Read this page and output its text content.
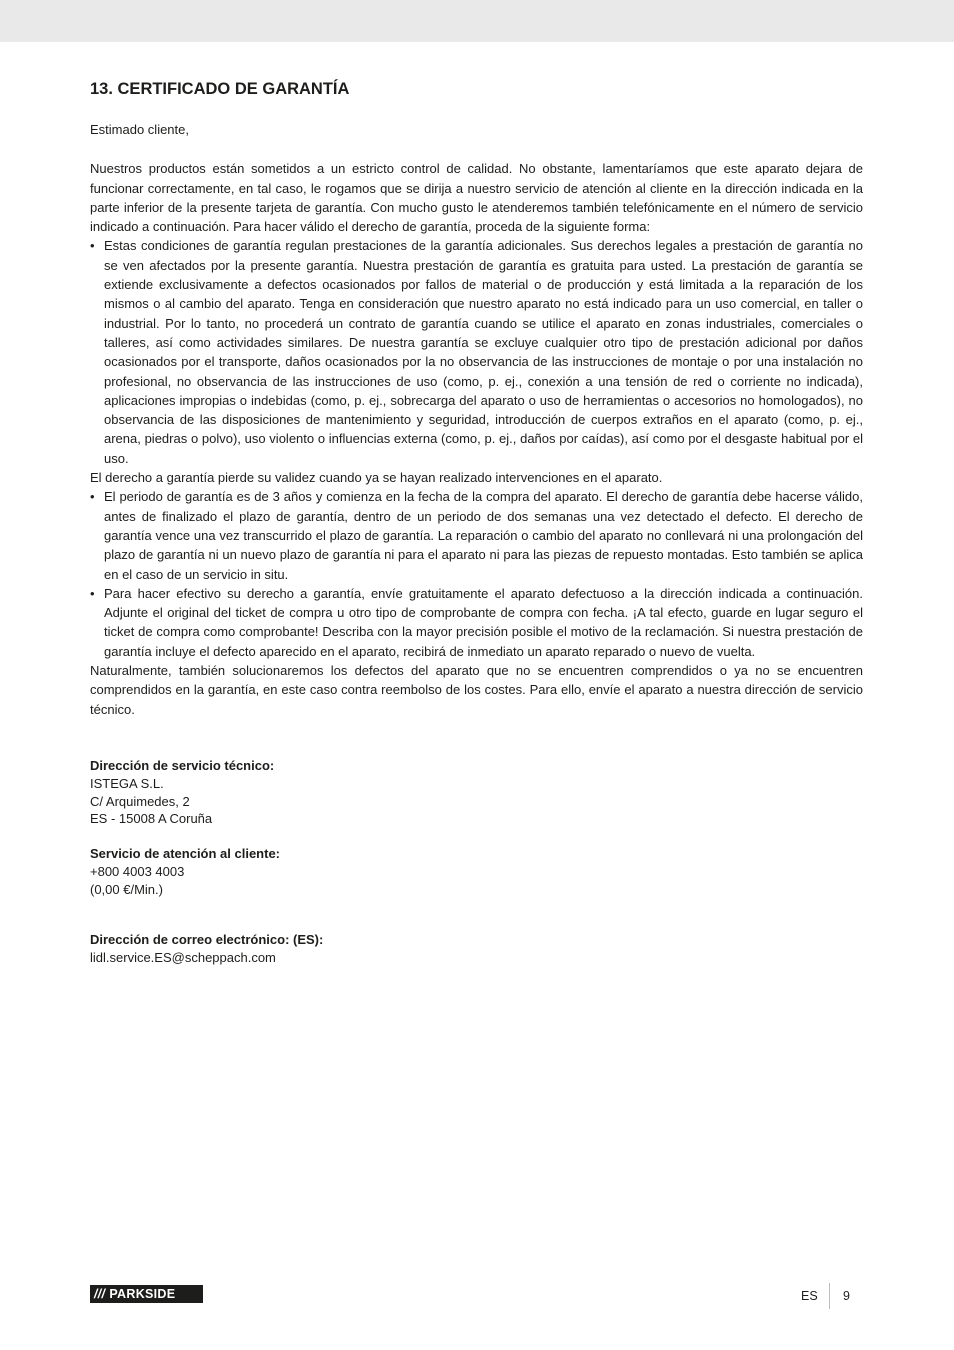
13. CERTIFICADO DE GARANTÍA

Estimado cliente,

Nuestros productos están sometidos a un estricto control de calidad. No obstante, lamentaríamos que este aparato dejara de funcionar correctamente, en tal caso, le rogamos que se dirija a nuestro servicio de atención al cliente en la dirección indicada en la parte inferior de la presente tarjeta de garantía. Con mucho gusto le atenderemos también telefónicamente en el número de servicio indicado a continuación. Para hacer válido el derecho de garantía, proceda de la siguiente forma:

• Estas condiciones de garantía regulan prestaciones de la garantía adicionales. Sus derechos legales a prestación de garantía no se ven afectados por la presente garantía. Nuestra prestación de garantía es gratuita para usted. La prestación de garantía se extiende exclusivamente a defectos ocasionados por fallos de material o de producción y está limitada a la reparación de los mismos o al cambio del aparato. Tenga en consideración que nuestro aparato no está indicado para un uso comercial, en taller o industrial. Por lo tanto, no procederá un contrato de garantía cuando se utilice el aparato en zonas industriales, comerciales o talleres, así como actividades similares. De nuestra garantía se excluye cualquier otro tipo de prestación adicional por daños ocasionados por el transporte, daños ocasionados por la no observancia de las instrucciones de montaje o por una instalación no profesional, no observancia de las instrucciones de uso (como, p. ej., conexión a una tensión de red o corriente no indicada), aplicaciones impropias o indebidas (como, p. ej., sobrecarga del aparato o uso de herramientas o accesorios no homologados), no observancia de las disposiciones de mantenimiento y seguridad, introducción de cuerpos extraños en el aparato (como, p. ej., arena, piedras o polvo), uso violento o influencias externa (como, p. ej., daños por caídas), así como por el desgaste habitual por el uso.

El derecho a garantía pierde su validez cuando ya se hayan realizado intervenciones en el aparato.

• El periodo de garantía es de 3 años y comienza en la fecha de la compra del aparato. El derecho de garantía debe hacerse válido, antes de finalizado el plazo de garantía, dentro de un periodo de dos semanas una vez detectado el defecto. El derecho de garantía vence una vez transcurrido el plazo de garantía. La reparación o cambio del aparato no conllevará ni una prolongación del plazo de garantía ni un nuevo plazo de garantía ni para el aparato ni para las piezas de repuesto montadas. Esto también se aplica en el caso de un servicio in situ.
• Para hacer efectivo su derecho a garantía, envíe gratuitamente el aparato defectuoso a la dirección indicada a continuación. Adjunte el original del ticket de compra u otro tipo de comprobante de compra con fecha. ¡A tal efecto, guarde en lugar seguro el ticket de compra como comprobante! Describa con la mayor precisión posible el motivo de la reclamación. Si nuestra prestación de garantía incluye el defecto aparecido en el aparato, recibirá de inmediato un aparato reparado o nuevo de vuelta.

Naturalmente, también solucionaremos los defectos del aparato que no se encuentren comprendidos o ya no se encuentren comprendidos en la garantía, en este caso contra reembolso de los costes. Para ello, envíe el aparato a nuestra dirección de servicio técnico.

Dirección de servicio técnico:
ISTEGA S.L.
C/ Arquimedes, 2
ES - 15008 A Coruña
Servicio de atención al cliente:
+800 4003 4003
(0,00 €/Min.)
Dirección de correo electrónico: (ES):
lidl.service.ES@scheppach.com
/// PARKSIDE	ES 9
